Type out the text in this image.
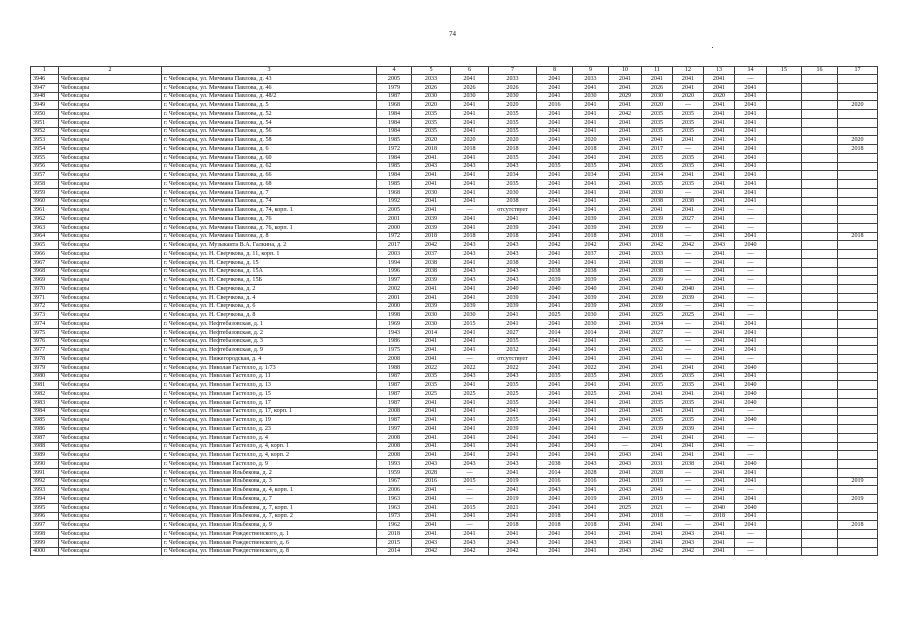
74
1	2	3	4	5	6	7	8	9	10	11	12	13	14	15	16	17
3946	Чебоксары	г. Чебоксары, ул. Мичмана Павлова, д. 43	2005	2033	2041	2033	2041	2033	2041	2041	2041	2041	—			
3947	Чебоксары	г. Чебоксары, ул. Мичмана Павлова, д. 46	1979	2026	2026	2026	2041	2041	2041	2026	2041	2041	2041			
3948	Чебоксары	г. Чебоксары, ул. Мичмана Павлова, д. 48/2	1987	2030	2030	2030	2041	2030	2029	2030	2020	2020	2041			
3949	Чебоксары	г. Чебоксары, ул. Мичмана Павлова, д. 5	1968	2020	2041	2020	2016	2041	2041	2020	—	2041	2041			2020
3950	Чебоксары	г. Чебоксары, ул. Мичмана Павлова, д. 52	1984	2035	2041	2035	2041	2041	2042	2035	2035	2041	2041			
3951	Чебоксары	г. Чебоксары, ул. Мичмана Павлова, д. 54	1984	2035	2041	2035	2041	2041	2041	2035	2035	2041	2041			
3952	Чебоксары	г. Чебоксары, ул. Мичмана Павлова, д. 56	1984	2035	2041	2035	2041	2041	2041	2035	2035	2041	2041			
3953	Чебоксары	г. Чебоксары, ул. Мичмана Павлова, д. 58	1985	2020	2020	2020	2041	2020	2041	2041	2041	2041	2041			2020
3954	Чебоксары	г. Чебоксары, ул. Мичмана Павлова, д. 6	1972	2018	2018	2018	2041	2018	2041	2017	—	2041	2041			2018
3955	Чебоксары	г. Чебоксары, ул. Мичмана Павлова, д. 60	1984	2041	2041	2035	2041	2041	2041	2035	2035	2041	2041			
3956	Чебоксары	г. Чебоксары, ул. Мичмана Павлова, д. 62	1985	2043	2043	2043	2035	2035	2041	2035	2035	2041	2041			
3957	Чебоксары	г. Чебоксары, ул. Мичмана Павлова, д. 66	1984	2041	2041	2034	2041	2034	2041	2034	2041	2041	2041			
3958	Чебоксары	г. Чебоксары, ул. Мичмана Павлова, д. 68	1985	2041	2041	2035	2041	2041	2041	2035	2035	2041	2041			
3959	Чебоксары	г. Чебоксары, ул. Мичмана Павлова, д. 7	1968	2030	2041	2030	2041	2041	2041	2030	—	2041	2041			
3960	Чебоксары	г. Чебоксары, ул. Мичмана Павлова, д. 74	1992	2041	2041	2038	2041	2041	2041	2038	2038	2041	2041			
3961	Чебоксары	г. Чебоксары, ул. Мичмана Павлова, д. 74, корп. 1	2005	2041	—	отсутствует	2041	2041	2041	2041	2041	2041	—			
3962	Чебоксары	г. Чебоксары, ул. Мичмана Павлова, д. 76	2001	2039	2041	2041	2041	2039	2041	2039	2027	2041	—			
3963	Чебоксары	г. Чебоксары, ул. Мичмана Павлова, д. 76, корп. 1	2000	2039	2041	2039	2041	2039	2041	2039	—	2041	—			
3964	Чебоксары	г. Чебоксары, ул. Мичмана Павлова, д. 8	1972	2018	2018	2018	2041	2018	2041	2018	—	2041	2041			2018
3965	Чебоксары	г. Чебоксары, ул. Музыканта В.А. Галкина, д. 2	2017	2042	2043	2043	2042	2042	2043	2042	2042	2043	2040			
3966	Чебоксары	г. Чебоксары, ул. Н. Сверчкова, д. 11, корп. 1	2003	2037	2043	2043	2041	2037	2041	2033	—	2041	—			
3967	Чебоксары	г. Чебоксары, ул. Н. Сверчкова, д. 15	1994	2038	2041	2038	2041	2041	2041	2038	—	2041	—			
3968	Чебоксары	г. Чебоксары, ул. Н. Сверчкова, д. 15А	1996	2038	2043	2043	2038	2038	2041	2038	—	2041	—			
3969	Чебоксары	г. Чебоксары, ул. Н. Сверчкова, д. 15Б	1997	2039	2043	2043	2039	2039	2041	2039	—	2041	—			
3970	Чебоксары	г. Чебоксары, ул. Н. Сверчкова, д. 2	2002	2041	2041	2040	2040	2040	2041	2040	2040	2041	—			
3971	Чебоксары	г. Чебоксары, ул. Н. Сверчкова, д. 4	2001	2041	2041	2039	2041	2039	2041	2039	2039	2041	—			
3972	Чебоксары	г. Чебоксары, ул. Н. Сверчкова, д. 6	2000	2039	2039	2039	2041	2039	2041	2039	—	2041	—			
3973	Чебоксары	г. Чебоксары, ул. Н. Сверчкова, д. 8	1998	2030	2030	2041	2025	2030	2041	2025	2025	2041	—			
3974	Чебоксары	г. Чебоксары, ул. Нефтебазовская, д. 1	1969	2030	2015	2041	2041	2030	2041	2034	—	2041	2041			
3975	Чебоксары	г. Чебоксары, ул. Нефтебазовская, д. 2	1943	2014	2041	2027	2014	2014	2041	2027	—	2041	2041			
3976	Чебоксары	г. Чебоксары, ул. Нефтебазовская, д. 3	1986	2041	2041	2035	2041	2041	2041	2035	—	2041	2041			
3977	Чебоксары	г. Чебоксары, ул. Нефтебазовская, д. 9	1975	2041	2041	2032	2041	2041	2041	2032	—	2041	2041			
3978	Чебоксары	г. Чебоксары, ул. Нижегородская, д. 4	2008	2041	—	отсутствует	2041	2041	2041	2041	—	2041	—			
3979	Чебоксары	г. Чебоксары, ул. Николая Гастелло, д. 1/73	1988	2022	2022	2022	2041	2022	2041	2041	2041	2041	2040			
3980	Чебоксары	г. Чебоксары, ул. Николая Гастелло, д. 11	1987	2035	2043	2043	2035	2035	2041	2035	2035	2041	2041			
3981	Чебоксары	г. Чебоксары, ул. Николая Гастелло, д. 13	1987	2035	2041	2035	2041	2041	2041	2035	2035	2041	2040			
3982	Чебоксары	г. Чебоксары, ул. Николая Гастелло, д. 15	1987	2025	2025	2025	2041	2025	2041	2041	2041	2041	2040			
3983	Чебоксары	г. Чебоксары, ул. Николая Гастелло, д. 17	1987	2041	2041	2035	2041	2041	2041	2035	2035	2041	2040			
3984	Чебоксары	г. Чебоксары, ул. Николая Гастелло, д. 17, корп. 1	2008	2041	2041	2041	2041	2041	2041	2041	2041	2041	—			
3985	Чебоксары	г. Чебоксары, ул. Николая Гастелло, д. 19	1987	2041	2041	2035	2041	2041	2041	2035	2035	2041	2040			
3986	Чебоксары	г. Чебоксары, ул. Николая Гастелло, д. 23	1997	2041	2041	2039	2041	2041	2041	2039	2039	2041	—			
3987	Чебоксары	г. Чебоксары, ул. Николая Гастелло, д. 4	2008	2041	2041	2041	2041	2041	—	2041	2041	2041	—			
3988	Чебоксары	г. Чебоксары, ул. Николая Гастелло, д. 4, корп. 1	2008	2041	2041	2041	2041	2041	—	2041	2041	2041	—			
3989	Чебоксары	г. Чебоксары, ул. Николая Гастелло, д. 4, корп. 2	2008	2041	2041	2041	2041	2041	2043	2041	2041	2041	—			
3990	Чебоксары	г. Чебоксары, ул. Николая Гастелло, д. 9	1993	2043	2043	2043	2038	2043	2043	2031	2038	2041	2040			
3991	Чебоксары	г. Чебоксары, ул. Николая Ильбекова, д. 2	1959	2028	—	2041	2014	2028	2041	2028	—	2041	2041			
3992	Чебоксары	г. Чебоксары, ул. Николая Ильбекова, д. 3	1967	2016	2015	2019	2016	2016	2041	2019	—	2041	2041			2019
3993	Чебоксары	г. Чебоксары, ул. Николая Ильбекова, д. 4, корп. 1	2006	2041	—	2041	2043	2041	2043	2041	—	2041	—			
3994	Чебоксары	г. Чебоксары, ул. Николая Ильбекова, д. 7	1963	2041	—	2019	2041	2019	2041	2019	—	2041	2041			2019
3995	Чебоксары	г. Чебоксары, ул. Николая Ильбекова, д. 7, корп. 1	1963	2041	2015	2021	2041	2041	2025	2021	—	2040	2040			
3996	Чебоксары	г. Чебоксары, ул. Николая Ильбекова, д. 7, корп. 2	1973	2041	2041	2041	2018	2041	2041	2018	—	2018	2041			
3997	Чебоксары	г. Чебоксары, ул. Николая Ильбекова, д. 9	1962	2041	—	2018	2018	2018	2041	2041	—	2041	2041			2018
3998	Чебоксары	г. Чебоксары, ул. Николая Рождественского, д. 1	2018	2041	2041	2041	2041	2041	2041	2041	2043	2041	—			
3999	Чебоксары	г. Чебоксары, ул. Николая Рождественского, д. 6	2015	2043	2043	2043	2041	2043	2043	2041	2043	2041	—			
4000	Чебоксары	г. Чебоксары, ул. Николая Рождественского, д. 8	2014	2042	2042	2042	2041	2041	2043	2042	2042	2041	—			
